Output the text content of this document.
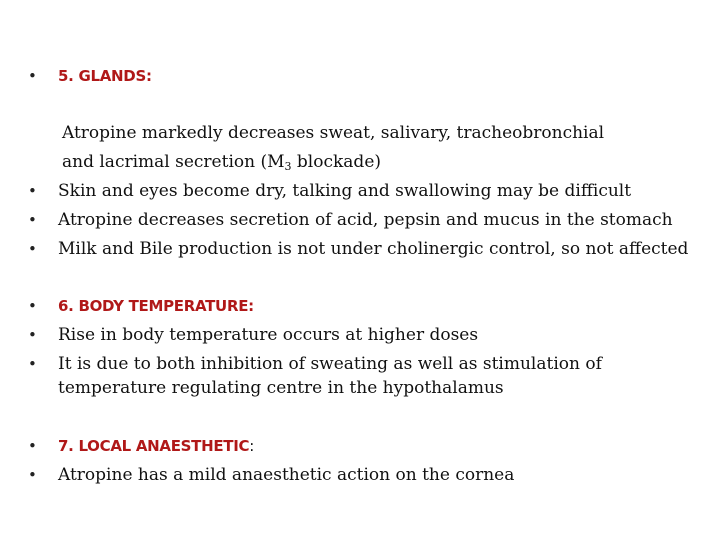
• 5. GLANDS:
Atropine markedly decreases sweat, salivary, tracheobronchial
and lacrimal secretion ($M_3$ blockade)
• Skin and eyes become dry, talking and swallowing may be difficult
• Atropine decreases secretion of acid, pepsin and mucus in the stomach
• Milk and Bile production is not under cholinergic control, so not affected
• 6. BODY TEMPERATURE:
• Rise in body temperature occurs at higher doses
• It is due to both inhibition of sweating as well as stimulation of
temperature regulating centre in the hypothalamus
• 7. LOCAL ANAESTHETIC:
• Atropine has a mild anaesthetic action on the cornea
